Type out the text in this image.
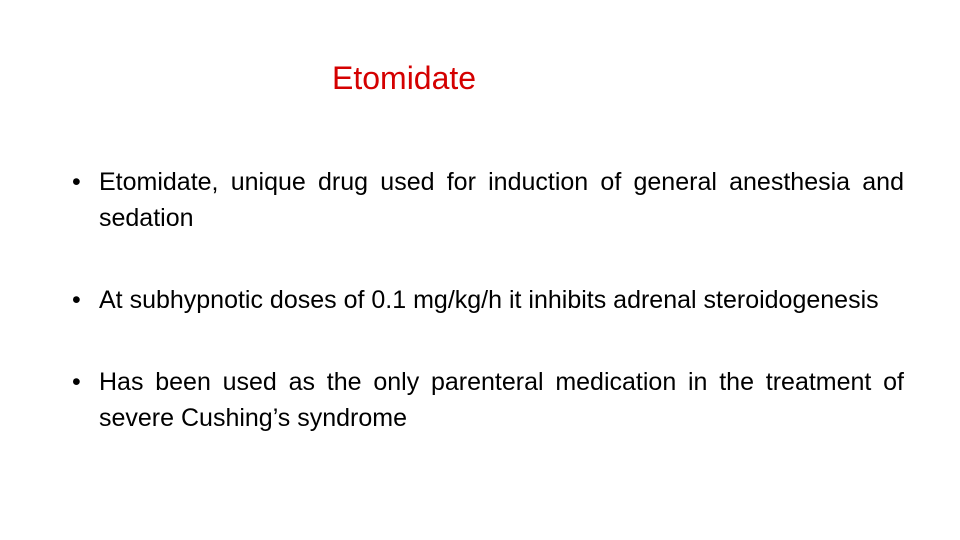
Etomidate
• Etomidate, unique drug used for induction of general anesthesia and sedation
• At subhypnotic doses of 0.1 mg/kg/h it inhibits adrenal steroidogenesis
• Has been used as the only parenteral medication in the treatment of severe Cushing’s syndrome
